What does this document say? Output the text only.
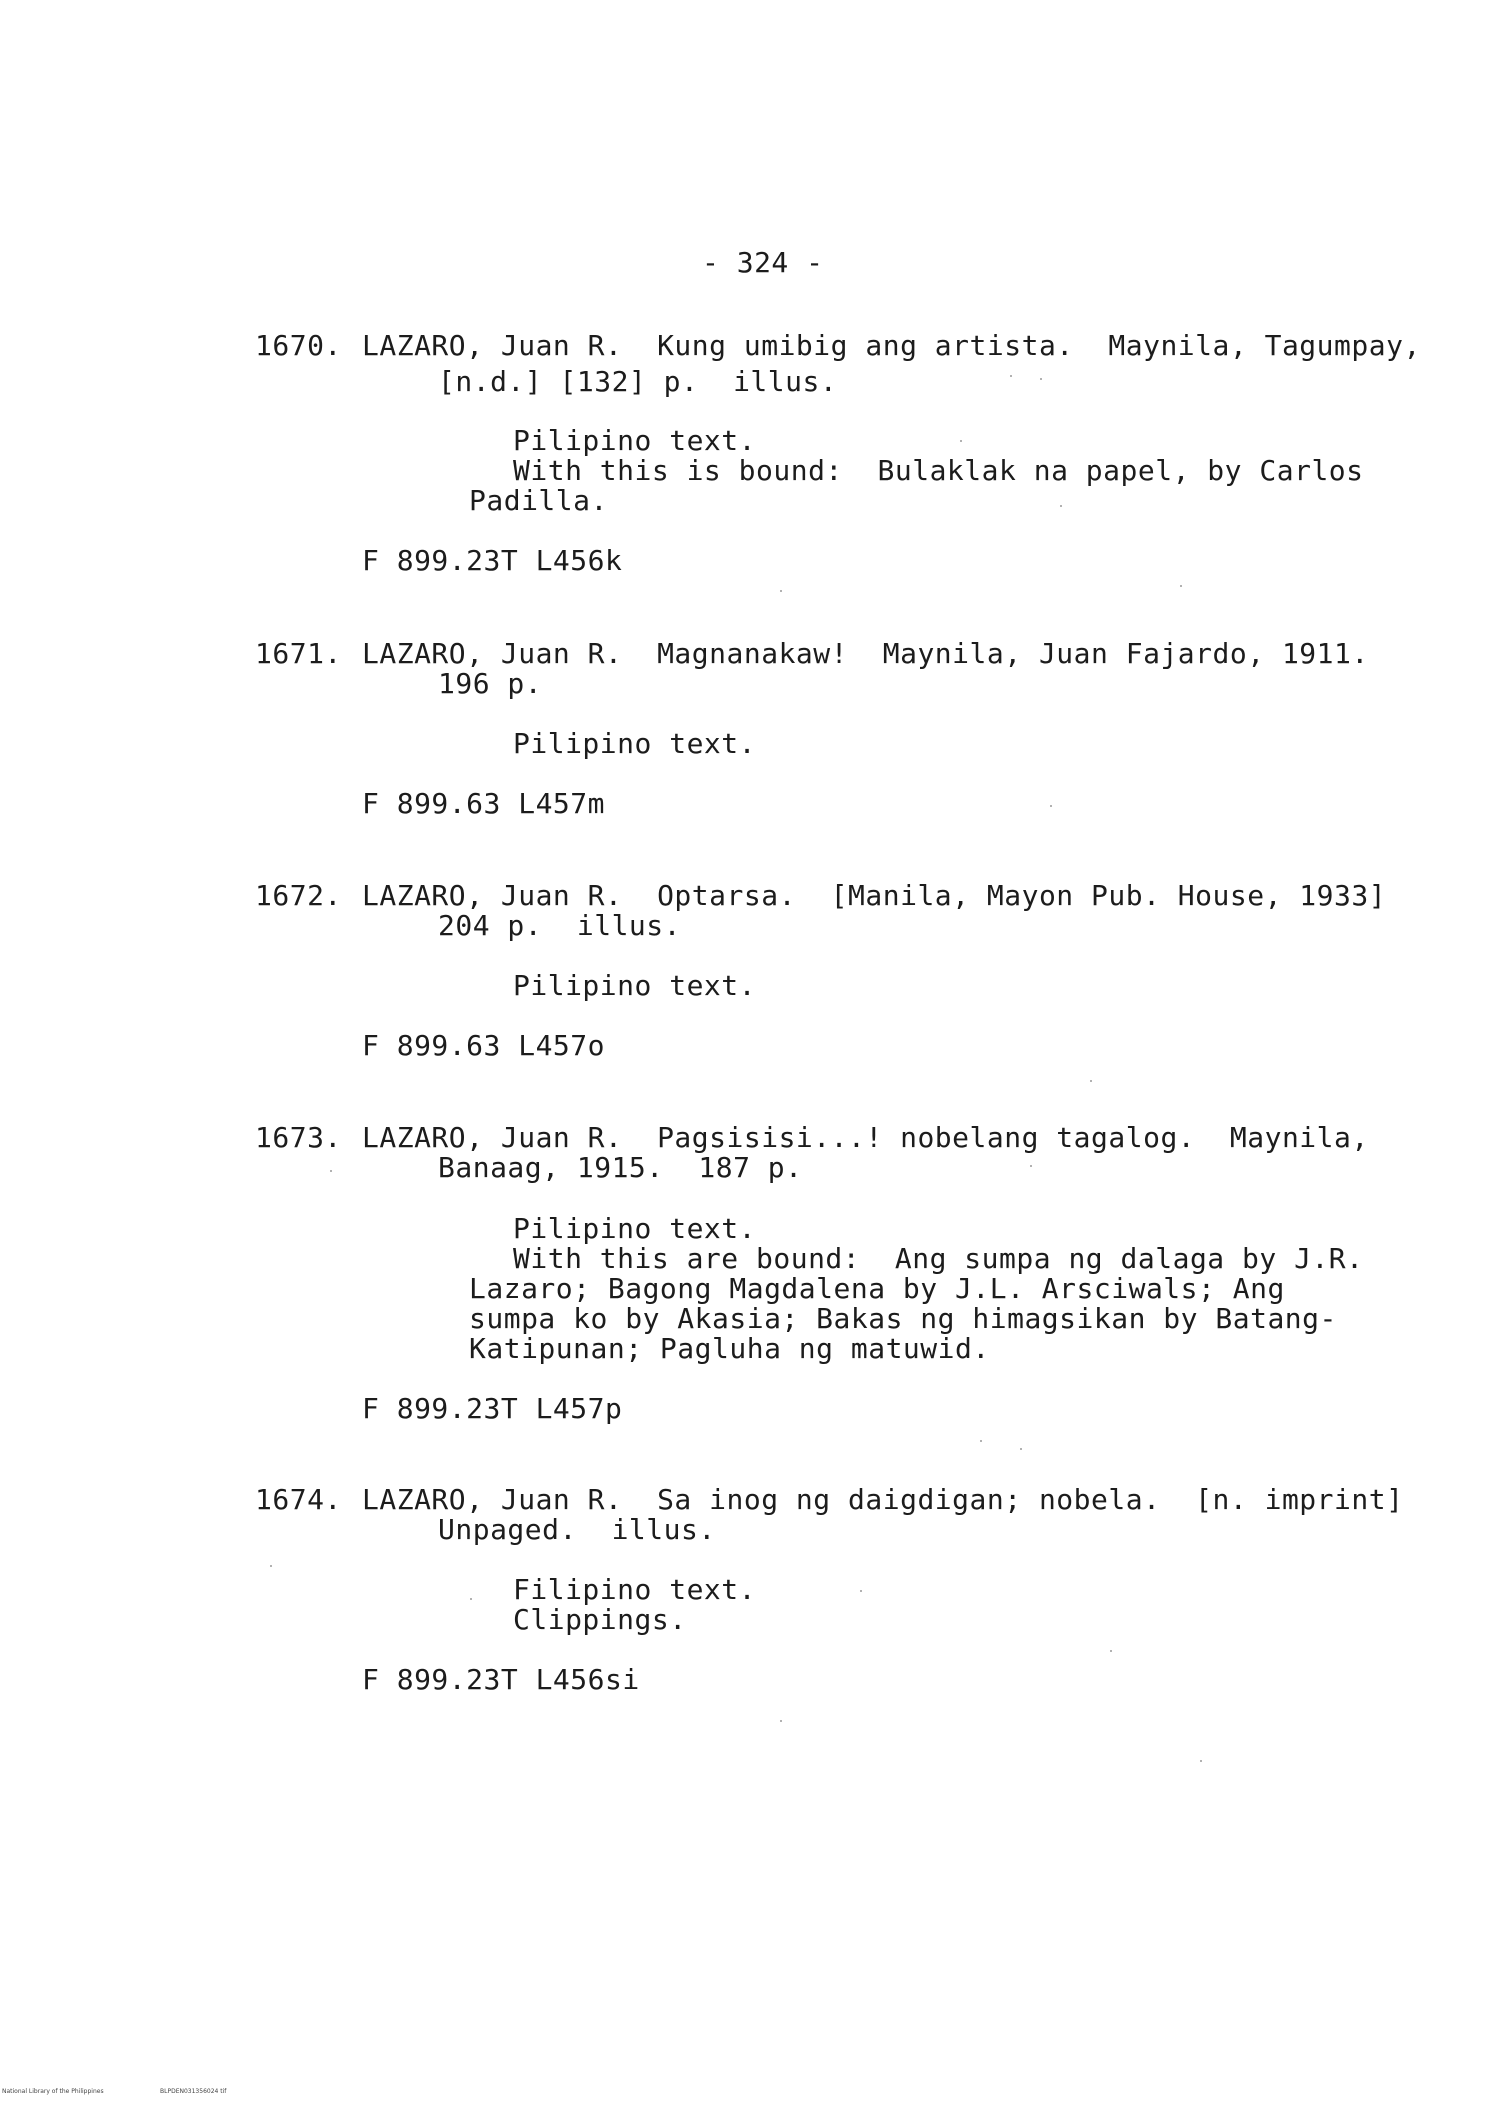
- 324 -
1670. LAZARO, Juan R.  Kung umibig ang artista.  Maynila, Tagumpay,
[n.d.] [132] p.  illus.
Pilipino text.
With this is bound:  Bulaklak na papel, by Carlos
Padilla.
F 899.23T L456k
1671. LAZARO, Juan R.  Magnanakaw!  Maynila, Juan Fajardo, 1911.
196 p.
Pilipino text.
F 899.63 L457m
1672. LAZARO, Juan R.  Optarsa.  [Manila, Mayon Pub. House, 1933]
204 p.  illus.
Pilipino text.
F 899.63 L457o
1673. LAZARO, Juan R.  Pagsisisi...! nobelang tagalog.  Maynila,
Banaag, 1915.  187 p.
Pilipino text.
With this are bound:  Ang sumpa ng dalaga by J.R.
Lazaro; Bagong Magdalena by J.L. Arsciwals; Ang
sumpa ko by Akasia; Bakas ng himagsikan by Batang-
Katipunan; Pagluha ng matuwid.
F 899.23T L457p
1674. LAZARO, Juan R.  Sa inog ng daigdigan; nobela.  [n. imprint]
Unpaged.  illus.
Filipino text.
Clippings.
F 899.23T L456si
National Library of the Philippines	BLPDEN031356024 tif
